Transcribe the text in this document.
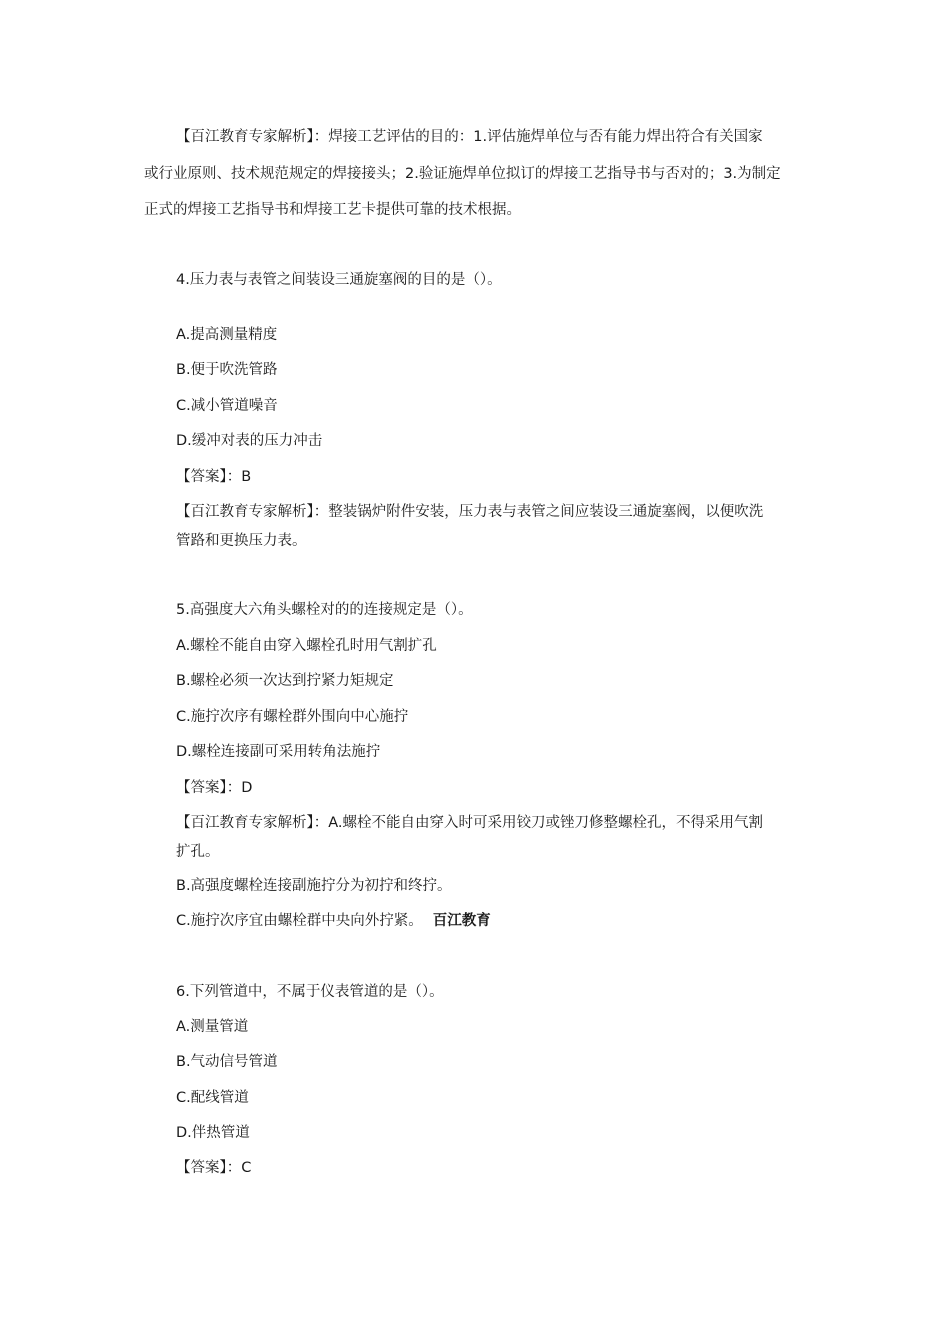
【百江教育专家解析】：焊接工艺评估的目的：1.评估施焊单位与否有能力焊出符合有关国家
或行业原则、技术规范规定的焊接接头；2.验证施焊单位拟订的焊接工艺指导书与否对的；3.为制定
正式的焊接工艺指导书和焊接工艺卡提供可靠的技术根据。
4.压力表与表管之间装设三通旋塞阀的目的是（）。
A.提高测量精度
B.便于吹洗管路
C.减小管道噪音
D.缓冲对表的压力冲击
【答案】：B
【百江教育专家解析】：整装锅炉附件安装，压力表与表管之间应装设三通旋塞阀，以便吹洗
管路和更换压力表。
5.高强度大六角头螺栓对的的连接规定是（）。
A.螺栓不能自由穿入螺栓孔时用气割扩孔
B.螺栓必须一次达到拧紧力矩规定
C.施拧次序有螺栓群外围向中心施拧
D.螺栓连接副可采用转角法施拧
【答案】：D
【百江教育专家解析】：A.螺栓不能自由穿入时可采用铰刀或锉刀修整螺栓孔，不得采用气割
扩孔。
B.高强度螺栓连接副施拧分为初拧和终拧。
C.施拧次序宜由螺栓群中央向外拧紧。 百江教育
6.下列管道中，不属于仪表管道的是（）。
A.测量管道
B.气动信号管道
C.配线管道
D.伴热管道
【答案】：C
